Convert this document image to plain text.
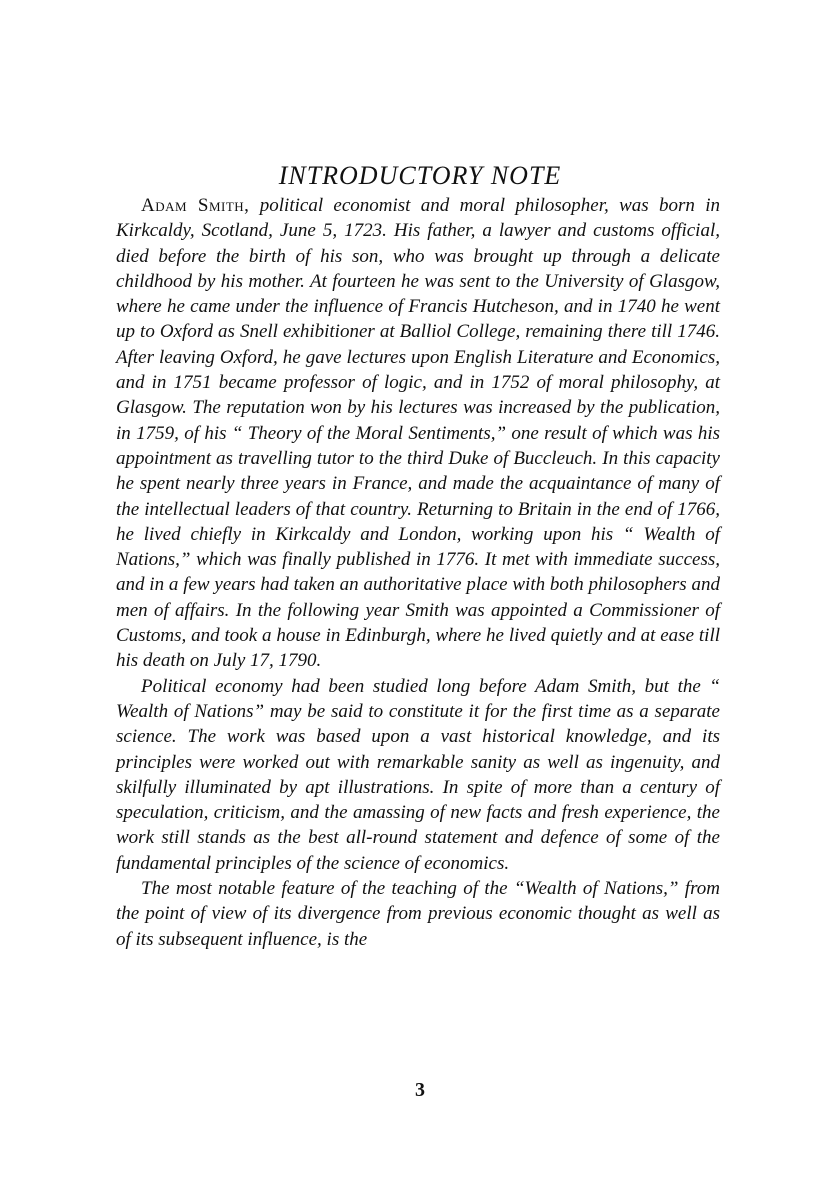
INTRODUCTORY NOTE

Adam Smith, political economist and moral philosopher, was born in Kirkcaldy, Scotland, June 5, 1723. His father, a lawyer and customs official, died before the birth of his son, who was brought up through a delicate childhood by his mother. At fourteen he was sent to the University of Glasgow, where he came under the influence of Francis Hutcheson, and in 1740 he went up to Oxford as Snell exhibitioner at Balliol College, remaining there till 1746. After leaving Oxford, he gave lectures upon English Literature and Economics, and in 1751 became professor of logic, and in 1752 of moral philosophy, at Glasgow. The reputation won by his lectures was increased by the publication, in 1759, of his “ Theory of the Moral Sentiments,” one result of which was his appointment as travelling tutor to the third Duke of Buccleuch. In this capacity he spent nearly three years in France, and made the acquaintance of many of the intellectual leaders of that country. Returning to Britain in the end of 1766, he lived chiefly in Kirkcaldy and London, working upon his “ Wealth of Nations,” which was finally published in 1776. It met with immediate success, and in a few years had taken an authoritative place with both philosophers and men of affairs. In the following year Smith was appointed a Commissioner of Customs, and took a house in Edinburgh, where he lived quietly and at ease till his death on July 17, 1790.

Political economy had been studied long before Adam Smith, but the “ Wealth of Nations” may be said to constitute it for the first time as a separate science. The work was based upon a vast historical knowledge, and its principles were worked out with remarkable sanity as well as ingenuity, and skilfully illuminated by apt illustrations. In spite of more than a century of speculation, criticism, and the amassing of new facts and fresh experience, the work still stands as the best all-round statement and defence of some of the fundamental principles of the science of economics.

The most notable feature of the teaching of the “Wealth of Nations,” from the point of view of its divergence from previous economic thought as well as of its subsequent influence, is the

3
